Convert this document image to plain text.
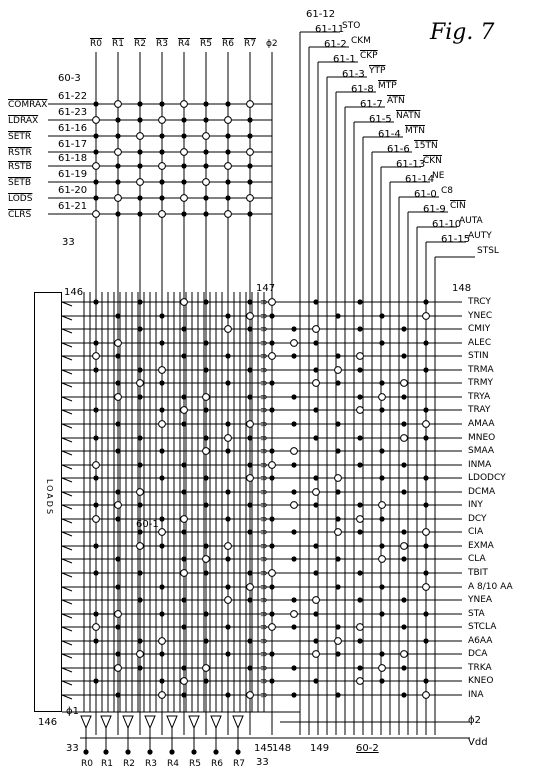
Fig. 7
LOADS
60-3
33
146	147	148
60-1
146
ϕ1
ϕ2
Vdd
33
33
145
148 149	60-2
R0 R1 R2 R3 R4 R5 R6 R7 ϕ2
R0 R1 R2 R3 R4 R5 R6 R7
61-22
COMRAX
61-23
LDRAX
61-16
SETR
61-17
RSTR	61-18
RSTB
61-19
SETB
61-20
LODS
61-21
CLRS
61-12
STO
61-11
CKM
61-2
$\overline{CKP}$
61-1
$\overline{YTP}$
61-3
$\overline{MTP}$
61-8
$\overline{ATN}$
61-7
NATN
61-5
$\overline{MTN}$
61-4
15TN
61-6
$\overline{CKN}$
61-13
NE
61-14
C8
61-0
$\overline{CIN}$
61-9
AUTA
61-10
AUTY
61-15
STSL
TRCY
⊃
YNEC
⊃
CMIY
⊃
ALEC
⊃
STIN
⊃
TRMA
⊃
TRMY
⊃
TRYA
⊃
TRAY
⊃
AMAA
⊃
MNEO
⊃
SMAA
⊃
INMA
⊃
LDODCY
⊃
DCMA
⊃
INY
⊃
DCY
⊃
CIA
⊃
EXMA
⊃
CLA
⊃
TBIT
⊃
A 8/10 AA
⊃
YNEA
⊃
STA
⊃
STCLA
⊃
A6AA
⊃
DCA
⊃
TRKA
⊃
KNEO
⊃
INA
⊃
